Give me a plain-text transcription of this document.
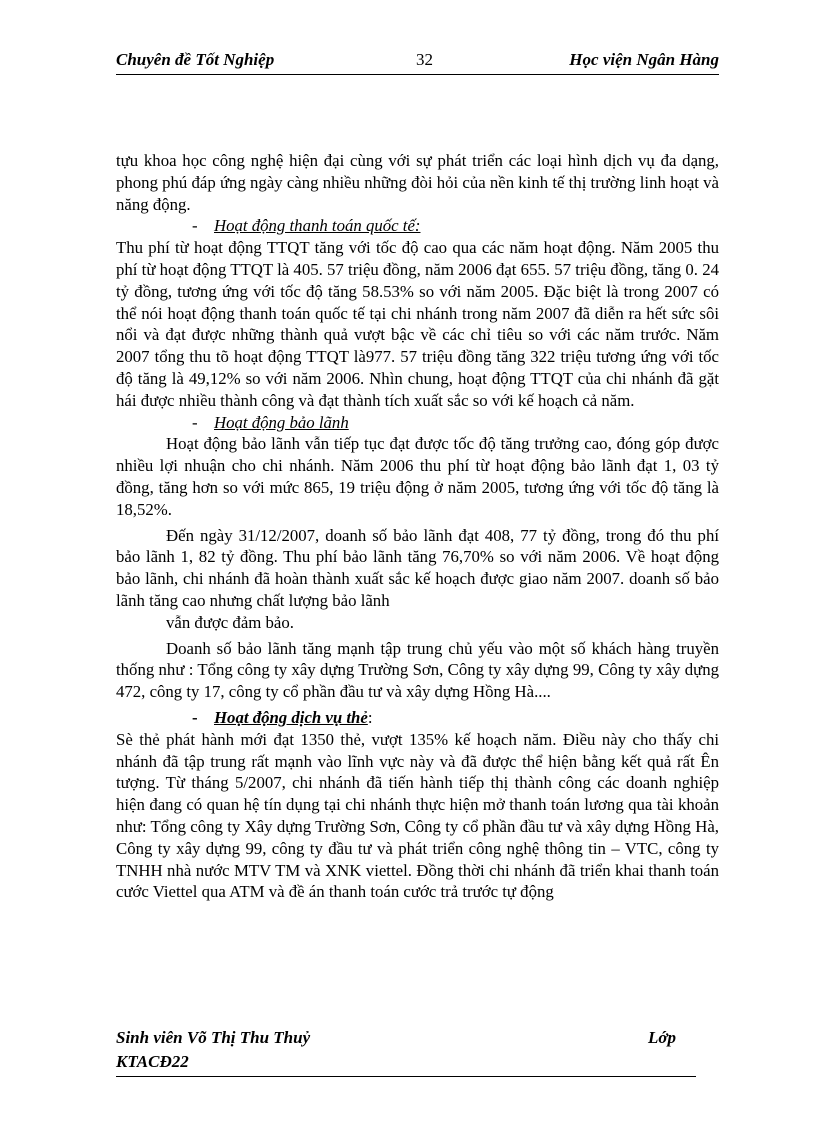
Chuyên đề Tốt Nghiệp	32	Học viện Ngân Hàng

tựu khoa học công nghệ hiện đại cùng với sự phát triển các loại hình dịch vụ đa dạng, phong phú đáp ứng ngày càng nhiều những đòi hỏi của nền kinh tế thị trường linh hoạt và năng động.

- Hoạt động thanh toán quốc tế:

Thu phí từ hoạt động TTQT tăng với tốc độ cao qua các năm hoạt động. Năm 2005 thu phí từ hoạt động TTQT là 405. 57 triệu đồng, năm 2006 đạt 655. 57 triệu đồng, tăng 0. 24 tỷ đồng, tương ứng với tốc độ tăng 58.53% so với năm 2005. Đặc biệt là trong 2007 có thể nói hoạt động thanh toán quốc tế tại chi nhánh trong năm 2007 đã diễn ra hết sức sôi nổi và đạt được những thành quả vượt bậc về các chỉ tiêu so với các năm trước. Năm 2007 tổng thu tõ hoạt động TTQT là977. 57 triệu đồng tăng 322 triệu tương ứng với tốc độ tăng là 49,12% so với năm 2006. Nhìn chung, hoạt động TTQT của chi nhánh đã gặt hái được nhiều thành công và đạt thành tích xuất sắc so với kế hoạch cả năm.

- Hoạt động bảo lãnh

Hoạt động bảo lãnh vẫn tiếp tục đạt được tốc độ tăng trưởng cao, đóng góp được nhiều lợi nhuận cho chi nhánh. Năm 2006 thu phí từ hoạt động bảo lãnh đạt 1, 03 tỷ đồng, tăng hơn so với mức 865, 19 triệu động ở năm 2005, tương ứng với tốc độ tăng là 18,52%.

Đến ngày 31/12/2007, doanh số bảo lãnh đạt 408, 77 tỷ đồng, trong đó thu phí bảo lãnh 1, 82 tỷ đồng. Thu phí bảo lãnh tăng 76,70% so với năm 2006. Về hoạt động bảo lãnh, chi nhánh đã hoàn thành xuất sắc kế hoạch được giao năm 2007. doanh số bảo lãnh tăng cao nhưng chất lượng bảo lãnh

vẫn được đảm bảo.

Doanh số bảo lãnh tăng mạnh tập trung chủ yếu vào một số khách hàng truyền thống như : Tổng công ty xây dựng Trường Sơn, Công ty xây dựng 99, Công ty xây dựng 472, công ty 17, công ty cổ phần đầu tư và xây dựng Hồng Hà....

- Hoạt động dịch vụ thẻ:

Sè thẻ phát hành mới đạt 1350 thẻ, vượt 135% kế hoạch năm. Điều này cho thấy chi nhánh đã tập trung rất mạnh vào lĩnh vực này và đã được thể hiện bằng kết quả rất Ên tượng. Từ tháng 5/2007, chi nhánh đã tiến hành tiếp thị thành công các doanh nghiệp hiện đang có quan hệ tín dụng tại chi nhánh thực hiện mở thanh toán lương qua tài khoản như: Tổng công ty Xây dựng Trường Sơn, Công ty cổ phần đầu tư và xây dựng Hồng Hà, Công ty xây dựng 99, công ty đầu tư và phát triển công nghệ thông tin – VTC, công ty TNHH nhà nước MTV TM và XNK viettel. Đồng thời chi nhánh đã triển khai thanh toán cước Viettel qua ATM và đề án thanh toán cước trả trước tự động

Sinh viên Võ Thị Thu Thuỷ	Lớp
KTACĐ22
